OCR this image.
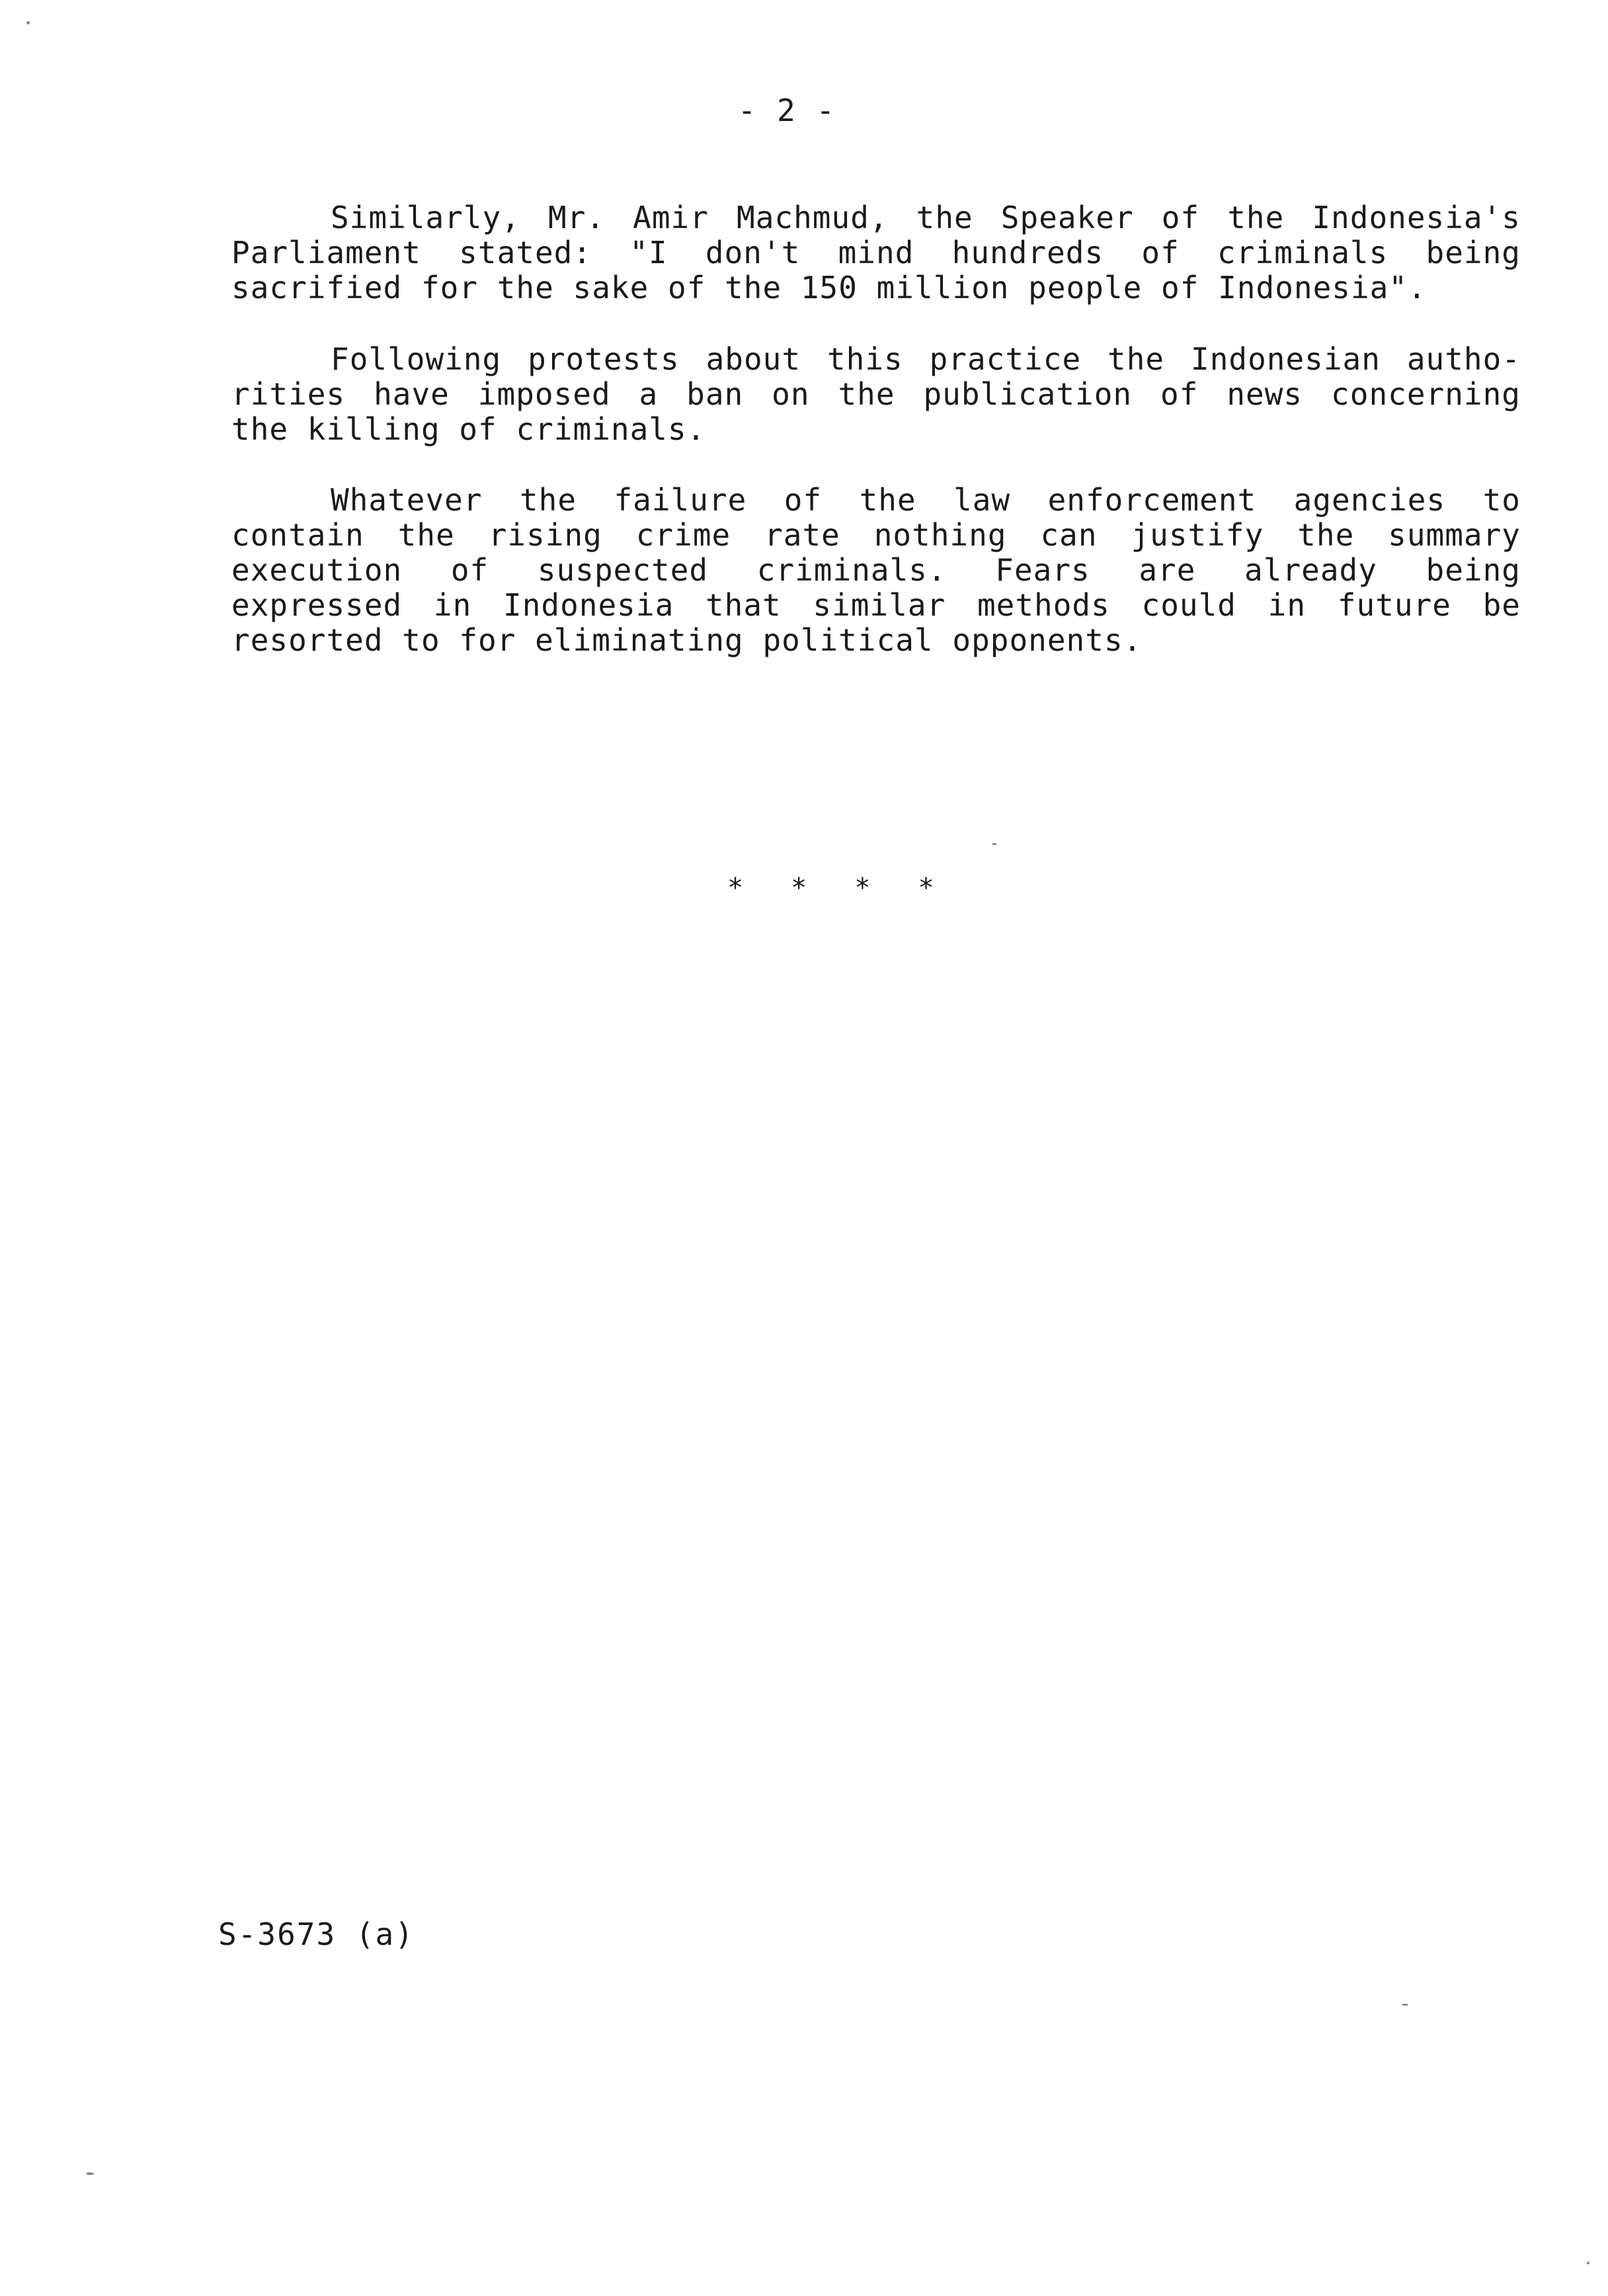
- 2 -
Similarly, Mr. Amir Machmud, the Speaker of the Indonesia's
Parliament stated: "I don't mind hundreds of criminals being
sacrified for the sake of the 150 million people of Indonesia".
Following protests about this practice the Indonesian autho-
rities have imposed a ban on the publication of news concerning
the killing of criminals.
Whatever the failure of the law enforcement agencies to
contain the rising crime rate nothing can justify the summary
execution of suspected criminals. Fears are already being
expressed in Indonesia that similar methods could in future be
resorted to for eliminating political opponents.
* * * *
S-3673 (a)
